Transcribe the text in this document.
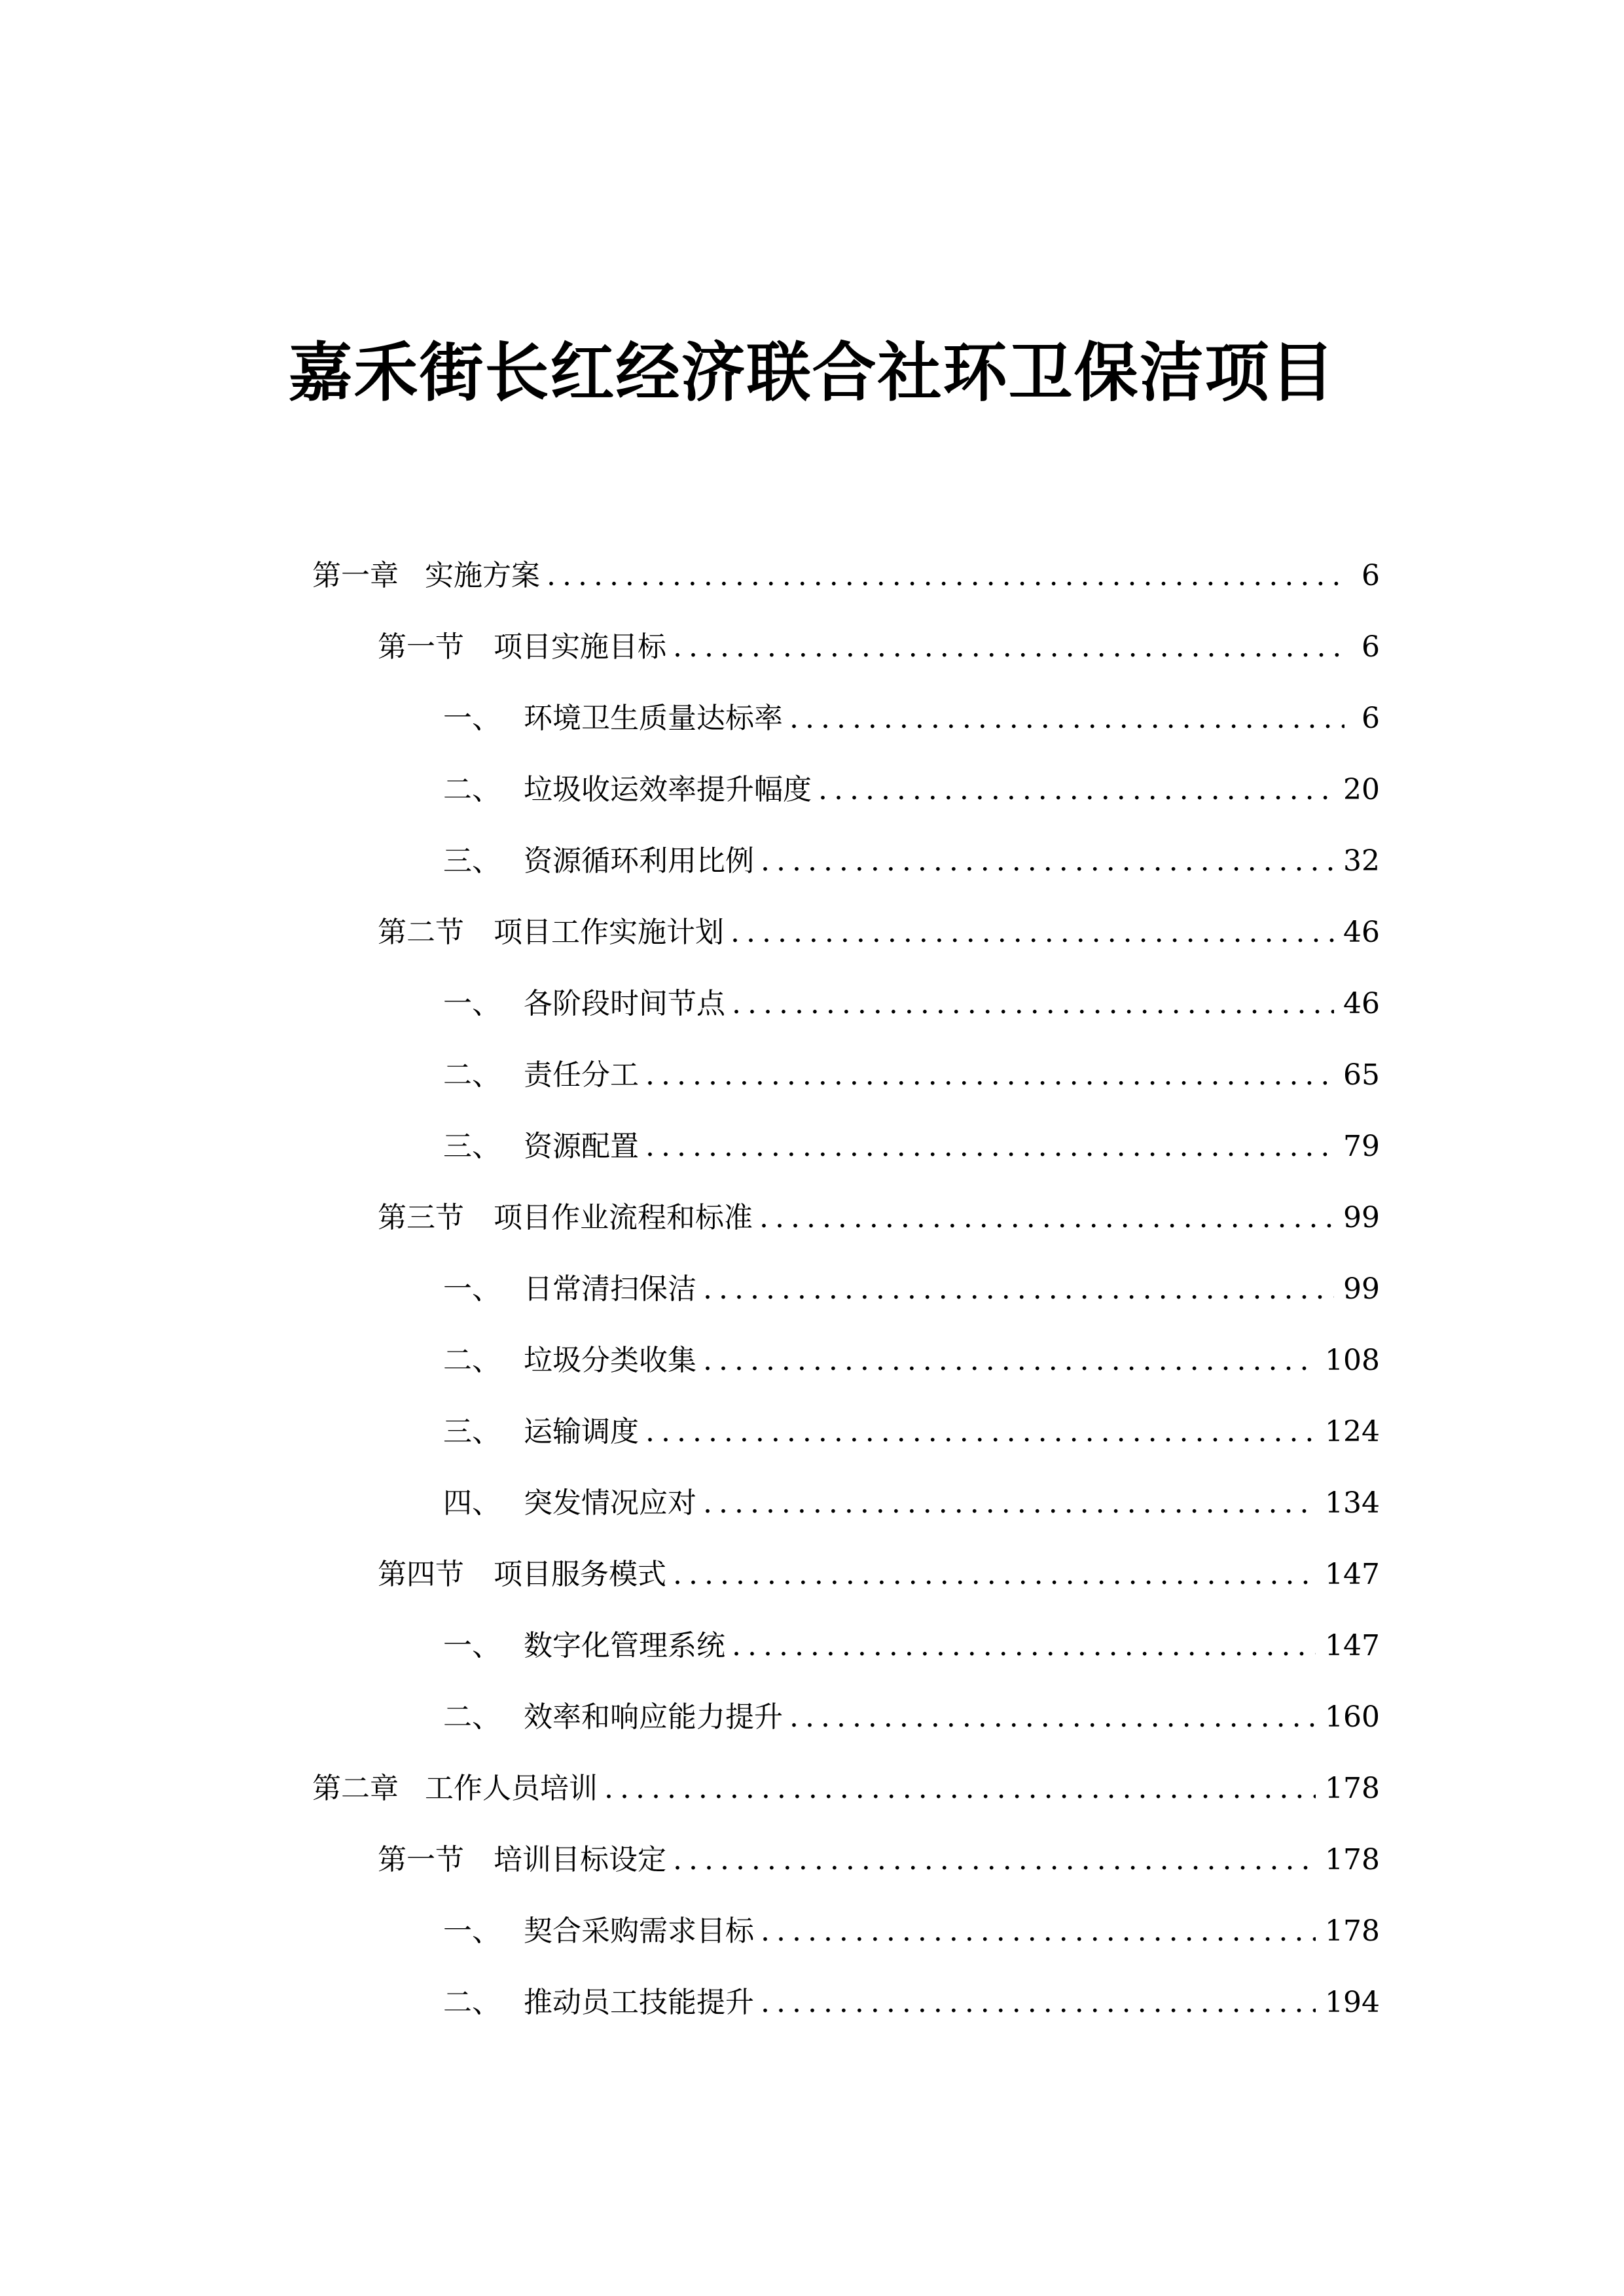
嘉禾街长红经济联合社环卫保洁项目
第一章 实施方案 .....	6
第一节	项目实施目标 .....	6
一、 环境卫生质量达标率 .....	6
二、 垃圾收运效率提升幅度 .....	20
三、 资源循环利用比例 .....	32
第二节	项目工作实施计划 .....	46
一、 各阶段时间节点 .....	46
二、 责任分工 .....	65
三、 资源配置 .....	79
第三节	项目作业流程和标准 .....	99
一、 日常清扫保洁 .....	99
二、 垃圾分类收集 .....	108
三、 运输调度 .....	124
四、 突发情况应对 .....	134
第四节	项目服务模式 .....	147
一、 数字化管理系统 .....	147
二、 效率和响应能力提升 .....	160
第二章 工作人员培训 .....	178
第一节	培训目标设定 .....	178
一、 契合采购需求目标 .....	178
二、 推动员工技能提升 .....	194
